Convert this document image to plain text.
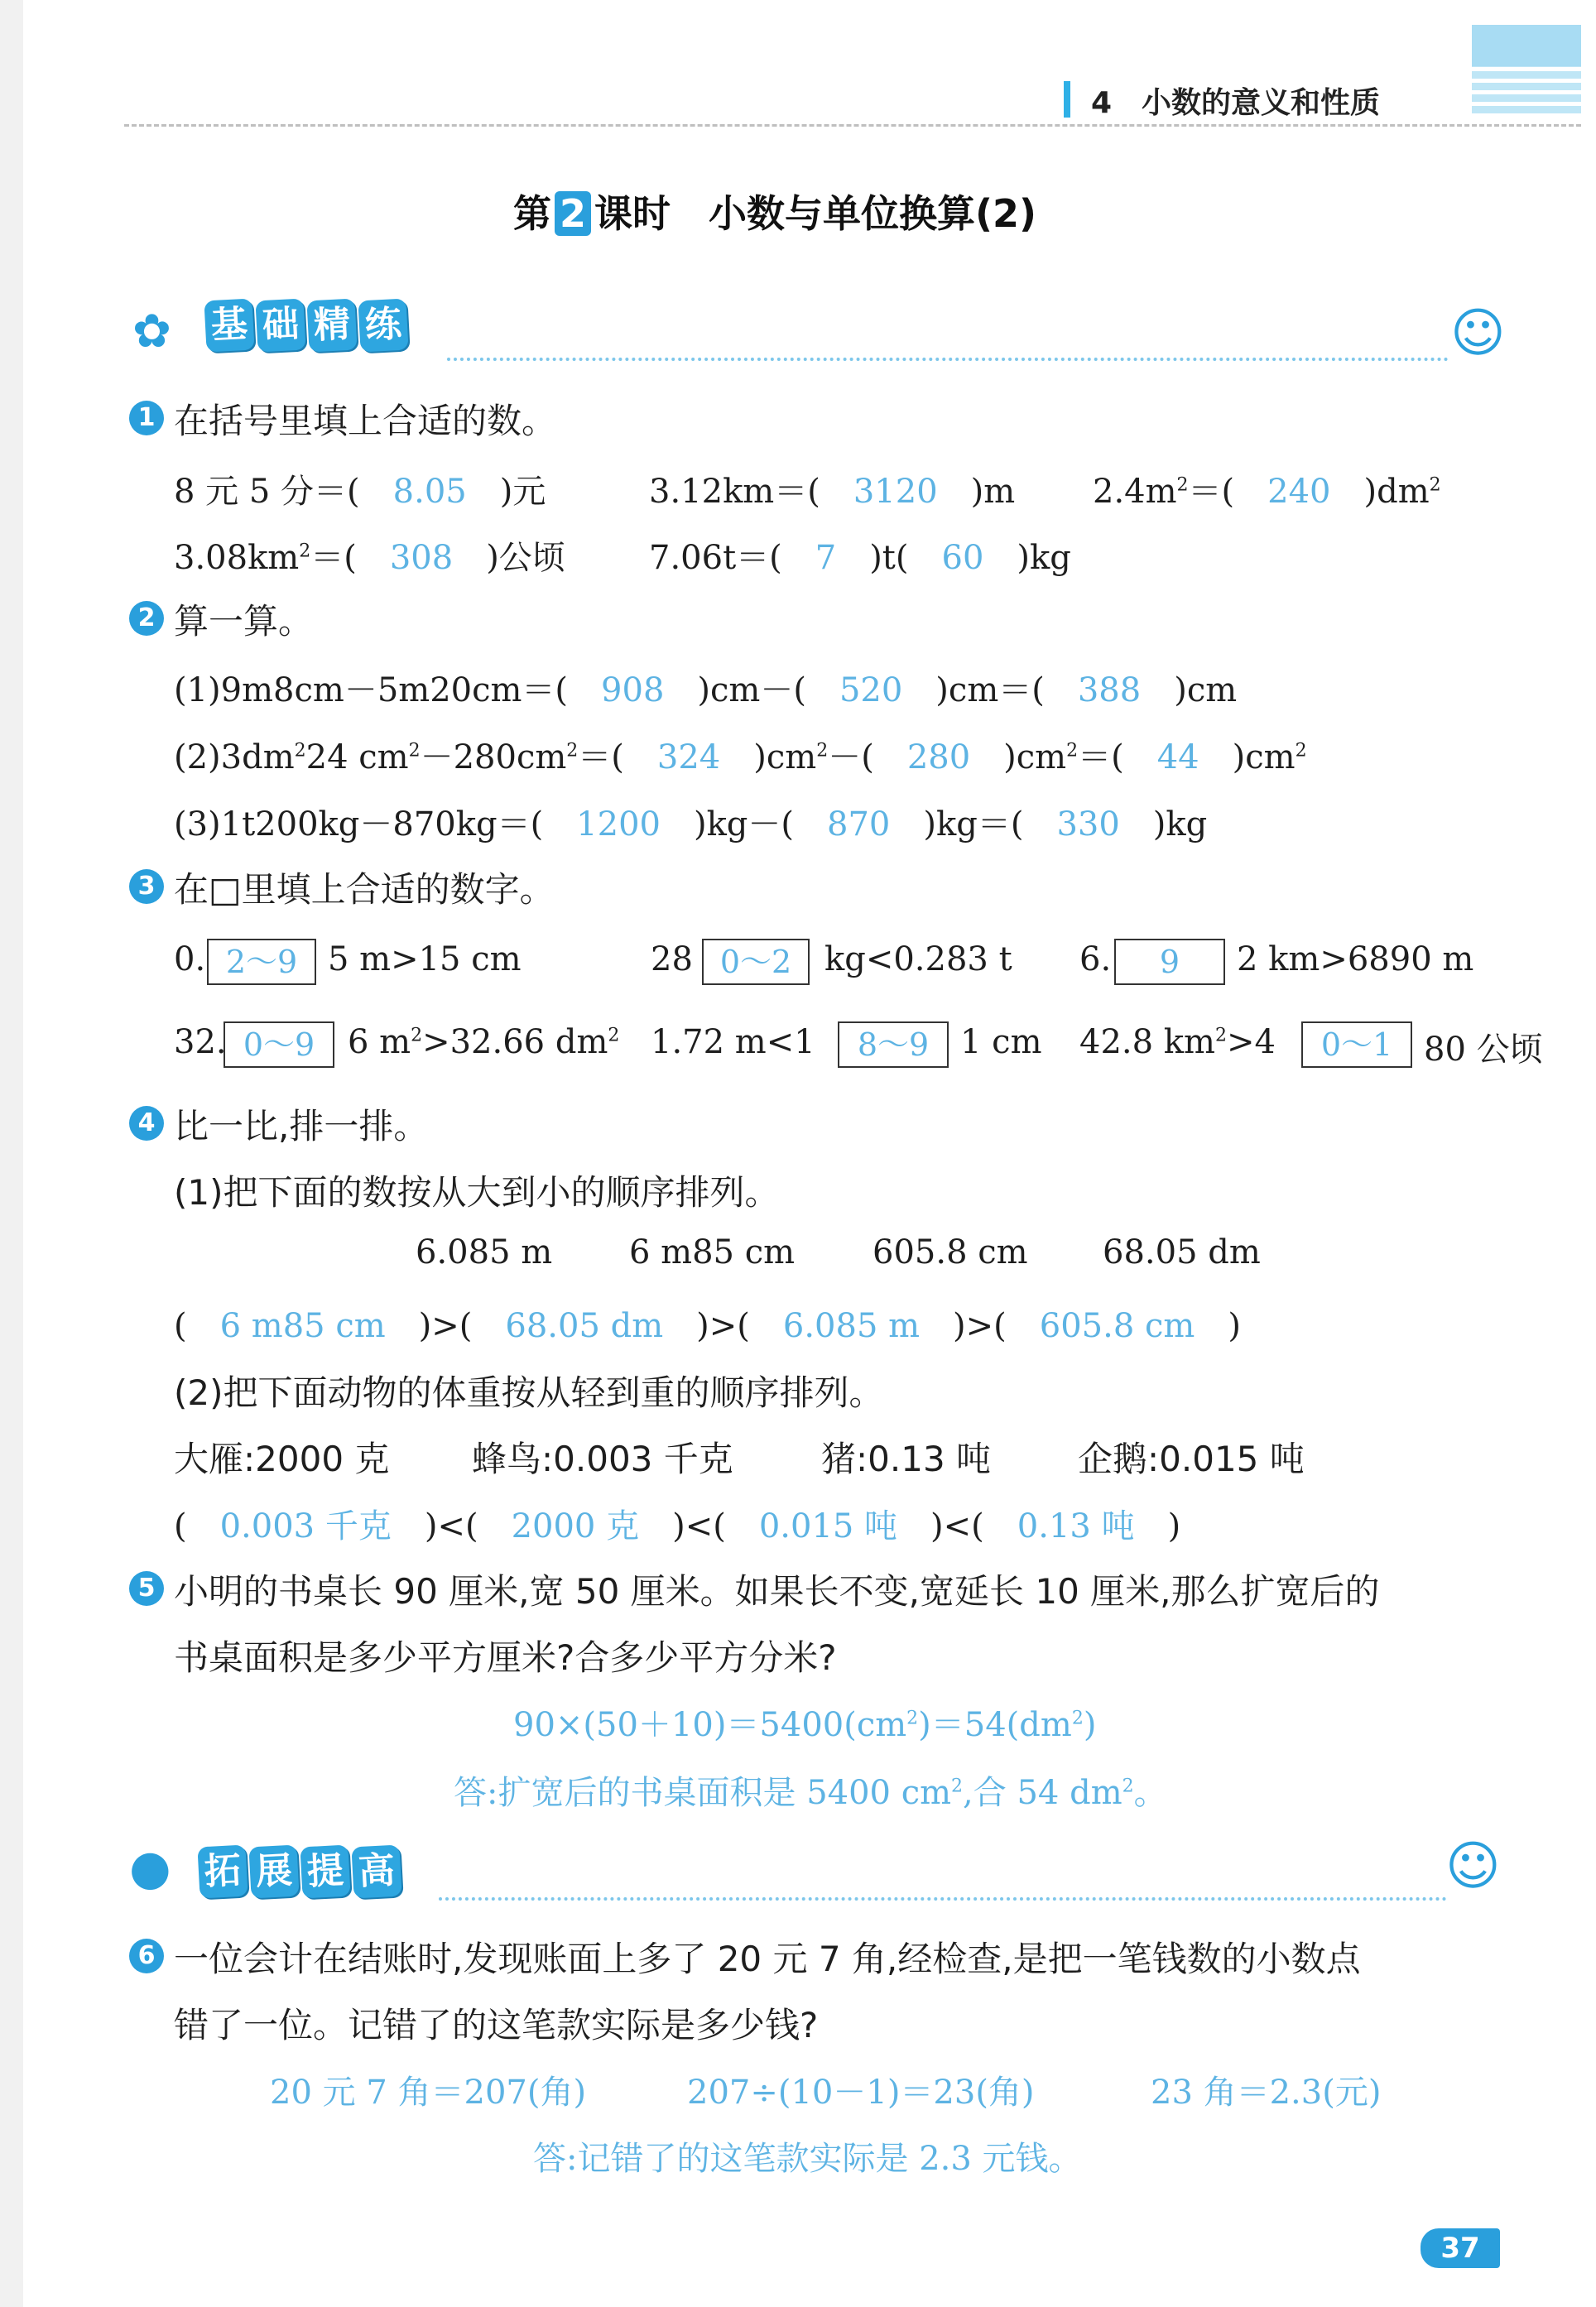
4　小数的意义和性质
第 2 课时　小数与单位换算(2)
✿ 基 础 精 练	☺
1 在括号里填上合适的数。
8 元 5 分＝(　8.05　)元	3.12km＝(　3120　)m $2.4m^2=$(　240　)$dm^2$
$3.08km^2=$(　308　)公顷	7.06t＝(　7　)t(　60　)kg
2 算一算。
(1)9m8cm－5m20cm＝(　908　)cm－(　520　)cm＝(　388　)cm
$(2)3dm^224$ $cm^2-280cm^2=$(　324　)$cm^2-$(　280　)$cm^2=$(　44　)$cm^2$
(3)1t200kg－870kg＝(　1200　)kg－(　870　)kg＝(　330　)kg
3 在□里填上合适的数字。
0. 2～9 5 m>15 cm	28 0～2 kg<0.283 t 6.	9	2 km>6890 m
32. 0～9 6 $m^2>32.66$ $dm^2$ 1.72 m<1	8～9 1 cm 42.8 $km^2>4$	0～1 80 公顷
4 比一比,排一排。
(1)把下面的数按从大到小的顺序排列。
6.085 m 6 m85 cm 605.8 cm 68.05 dm
(　6 m85 cm　)>(　68.05 dm　)>(　6.085 m　)>(　605.8 cm　)
(2)把下面动物的体重按从轻到重的顺序排列。
大雁:2000 克 蜂鸟:0.003 千克	猪:0.13 吨 企鹅:0.015 吨
(　0.003 千克　)<(　2000 克　)<(　0.015 吨　)<(　0.13 吨　)
5 小明的书桌长 90 厘米,宽 50 厘米。如果长不变,宽延长 10 厘米,那么扩宽后的
书桌面积是多少平方厘米?合多少平方分米?
$90\times(50+10)=5400(cm^2)=54(dm^2)$
答:扩宽后的书桌面积是 5400 $cm^2$,合 54 $dm^2$。
● 拓 展 提 高	☺
6 一位会计在结账时,发现账面上多了 20 元 7 角,经检查,是把一笔钱数的小数点
错了一位。记错了的这笔款实际是多少钱?
20 元 7 角＝207(角)	207÷(10－1)＝23(角)	23 角＝2.3(元)
答:记错了的这笔款实际是 2.3 元钱。
37
